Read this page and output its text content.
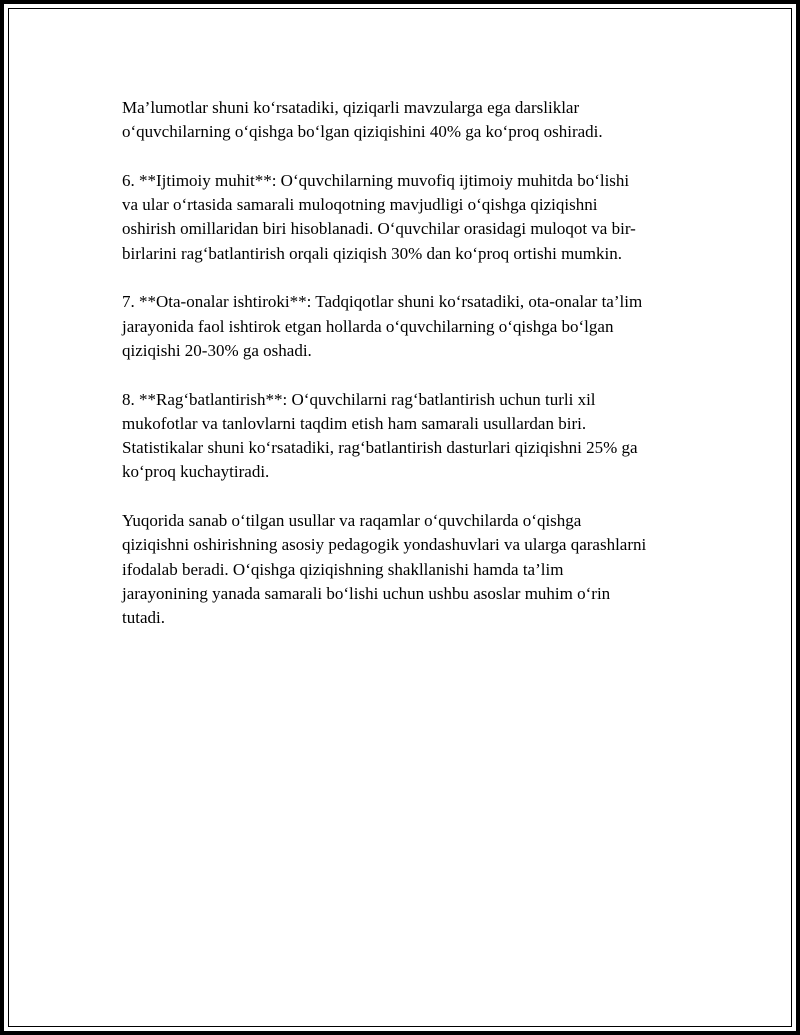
Ma’lumotlar shuni ko‘rsatadiki, qiziqarli mavzularga ega darsliklar
o‘quvchilarning o‘qishga bo‘lgan qiziqishini 40% ga ko‘proq oshiradi.

6. **Ijtimoiy muhit**: O‘quvchilarning muvofiq ijtimoiy muhitda bo‘lishi
va ular o‘rtasida samarali muloqotning mavjudligi o‘qishga qiziqishni
oshirish omillaridan biri hisoblanadi. O‘quvchilar orasidagi muloqot va bir-
birlarini rag‘batlantirish orqali qiziqish 30% dan ko‘proq ortishi mumkin.

7. **Ota-onalar ishtiroki**: Tadqiqotlar shuni ko‘rsatadiki, ota-onalar ta’lim
jarayonida faol ishtirok etgan hollarda o‘quvchilarning o‘qishga bo‘lgan
qiziqishi 20-30% ga oshadi.

8. **Rag‘batlantirish**: O‘quvchilarni rag‘batlantirish uchun turli xil
mukofotlar va tanlovlarni taqdim etish ham samarali usullardan biri.
Statistikalar shuni ko‘rsatadiki, rag‘batlantirish dasturlari qiziqishni 25% ga
ko‘proq kuchaytiradi.

Yuqorida sanab o‘tilgan usullar va raqamlar o‘quvchilarda o‘qishga
qiziqishni oshirishning asosiy pedagogik yondashuvlari va ularga qarashlarni
ifodalab beradi. O‘qishga qiziqishning shakllanishi hamda ta’lim
jarayonining yanada samarali bo‘lishi uchun ushbu asoslar muhim o‘rin
tutadi.
